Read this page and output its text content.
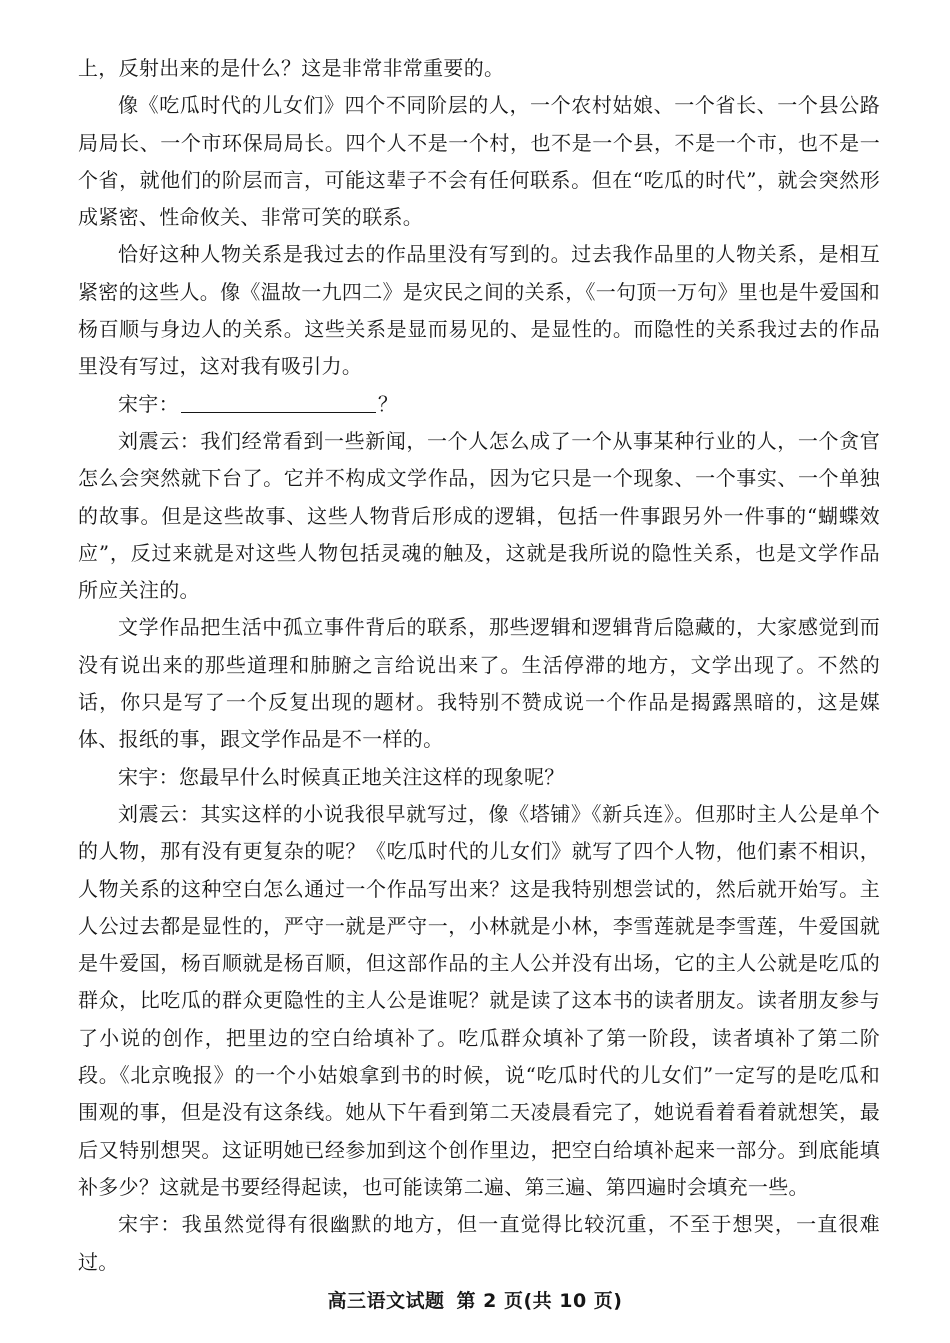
上，反射出来的是什么？这是非常非常重要的。

像《吃瓜时代的儿女们》四个不同阶层的人，一个农村姑娘、一个省长、一个县公路局局长、一个市环保局局长。四个人不是一个村，也不是一个县，不是一个市，也不是一个省，就他们的阶层而言，可能这辈子不会有任何联系。但在“吃瓜的时代”，就会突然形成紧密、性命攸关、非常可笑的联系。

恰好这种人物关系是我过去的作品里没有写到的。过去我作品里的人物关系，是相互紧密的这些人。像《温故一九四二》是灾民之间的关系，《一句顶一万句》里也是牛爱国和杨百顺与身边人的关系。这些关系是显而易见的、是显性的。而隐性的关系我过去的作品里没有写过，这对我有吸引力。

宋宇：	？

刘震云：我们经常看到一些新闻，一个人怎么成了一个从事某种行业的人，一个贪官怎么会突然就下台了。它并不构成文学作品，因为它只是一个现象、一个事实、一个单独的故事。但是这些故事、这些人物背后形成的逻辑，包括一件事跟另外一件事的“蝴蝶效应”，反过来就是对这些人物包括灵魂的触及，这就是我所说的隐性关系，也是文学作品所应关注的。

文学作品把生活中孤立事件背后的联系，那些逻辑和逻辑背后隐藏的，大家感觉到而没有说出来的那些道理和肺腑之言给说出来了。生活停滞的地方，文学出现了。不然的话，你只是写了一个反复出现的题材。我特别不赞成说一个作品是揭露黑暗的，这是媒体、报纸的事，跟文学作品是不一样的。

宋宇：您最早什么时候真正地关注这样的现象呢？

刘震云：其实这样的小说我很早就写过，像《塔铺》《新兵连》。但那时主人公是单个的人物，那有没有更复杂的呢？《吃瓜时代的儿女们》就写了四个人物，他们素不相识，人物关系的这种空白怎么通过一个作品写出来？这是我特别想尝试的，然后就开始写。主人公过去都是显性的，严守一就是严守一，小林就是小林，李雪莲就是李雪莲，牛爱国就是牛爱国，杨百顺就是杨百顺，但这部作品的主人公并没有出场，它的主人公就是吃瓜的群众，比吃瓜的群众更隐性的主人公是谁呢？就是读了这本书的读者朋友。读者朋友参与了小说的创作，把里边的空白给填补了。吃瓜群众填补了第一阶段，读者填补了第二阶段。《北京晚报》的一个小姑娘拿到书的时候，说“吃瓜时代的儿女们”一定写的是吃瓜和围观的事，但是没有这条线。她从下午看到第二天凌晨看完了，她说看着看着就想笑，最后又特别想哭。这证明她已经参加到这个创作里边，把空白给填补起来一部分。到底能填补多少？这就是书要经得起读，也可能读第二遍、第三遍、第四遍时会填充一些。

宋宇：我虽然觉得有很幽默的地方，但一直觉得比较沉重，不至于想哭，一直很难过。

高三语文试题 第 2 页(共 10 页)
